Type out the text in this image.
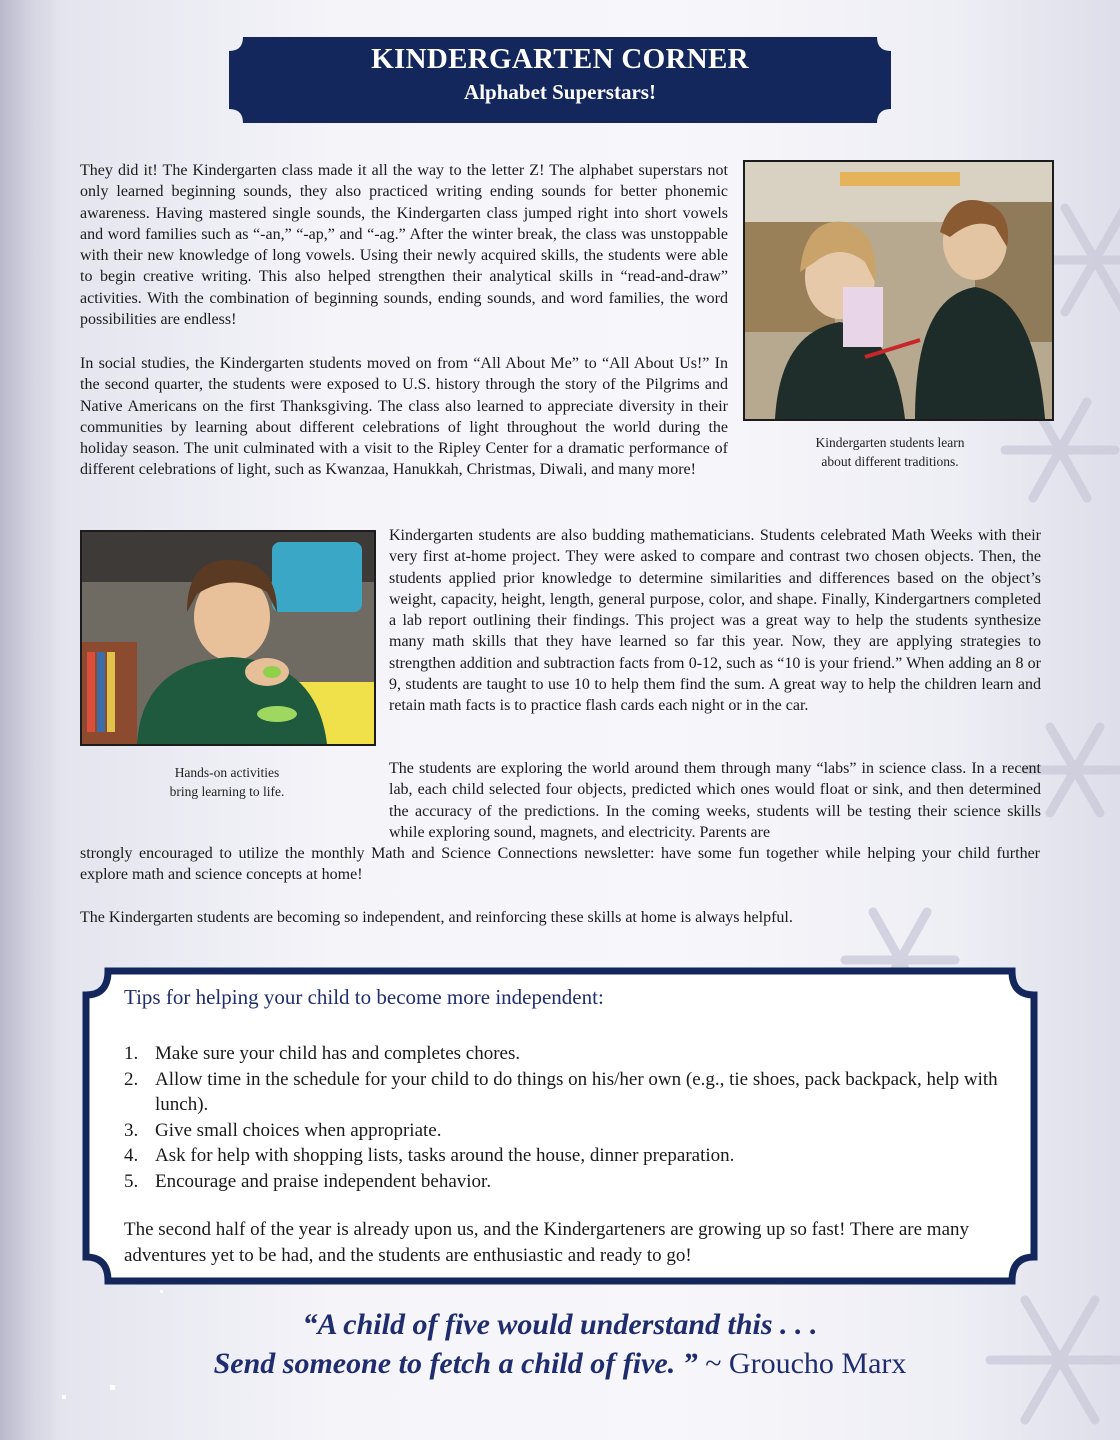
KINDERGARTEN CORNER
Alphabet Superstars!

They did it! The Kindergarten class made it all the way to the letter Z! The alphabet superstars not only learned beginning sounds, they also practiced writing ending sounds for better phonemic awareness. Having mastered single sounds, the Kindergarten class jumped right into short vowels and word families such as “-an,” “-ap,” and “-ag.” After the winter break, the class was unstoppable with their new knowledge of long vowels. Using their newly acquired skills, the students were able to begin creative writing. This also helped strengthen their analytical skills in “read-and-draw” activities. With the combination of beginning sounds, ending sounds, and word families, the word possibilities are endless!

In social studies, the Kindergarten students moved on from “All About Me” to “All About Us!” In the second quarter, the students were exposed to U.S. history through the story of the Pilgrims and Native Americans on the first Thanksgiving. The class also learned to appreciate diversity in their communities by learning about different celebrations of light throughout the world during the holiday season. The unit culminated with a visit to the Ripley Center for a dramatic performance of different celebrations of light, such as Kwanzaa, Hanukkah, Christmas, Diwali, and many more!

Kindergarten students learn
about different traditions.
Hands-on activities
bring learning to life.

Kindergarten students are also budding mathematicians. Students celebrated Math Weeks with their very first at-home project. They were asked to compare and contrast two chosen objects. Then, the students applied prior knowledge to determine similarities and differences based on the object’s weight, capacity, height, length, general purpose, color, and shape. Finally, Kindergartners completed a lab report outlining their findings. This project was a great way to help the students synthesize many math skills that they have learned so far this year. Now, they are applying strategies to strengthen addition and subtraction facts from 0-12, such as “10 is your friend.” When adding an 8 or 9, students are taught to use 10 to help them find the sum. A great way to help the children learn and retain math facts is to practice flash cards each night or in the car.

The students are exploring the world around them through many “labs” in science class. In a recent lab, each child selected four objects, predicted which ones would float or sink, and then determined the accuracy of the predictions. In the coming weeks, students will be testing their science skills while exploring sound, magnets, and electricity. Parents are

strongly encouraged to utilize the monthly Math and Science Connections newsletter: have some fun together while helping your child further explore math and science concepts at home!

The Kindergarten students are becoming so independent, and reinforcing these skills at home is always helpful.

Tips for helping your child to become more independent:

1. Make sure your child has and completes chores.
2. Allow time in the schedule for your child to do things on his/her own (e.g., tie shoes, pack backpack, help with lunch).
3. Give small choices when appropriate.
4. Ask for help with shopping lists, tasks around the house, dinner preparation.
5. Encourage and praise independent behavior.

The second half of the year is already upon us, and the Kindergarteners are growing up so fast! There are many adventures yet to be had, and the students are enthusiastic and ready to go!

“A child of five would understand this . . .

Send someone to fetch a child of five. ” ~ Groucho Marx
